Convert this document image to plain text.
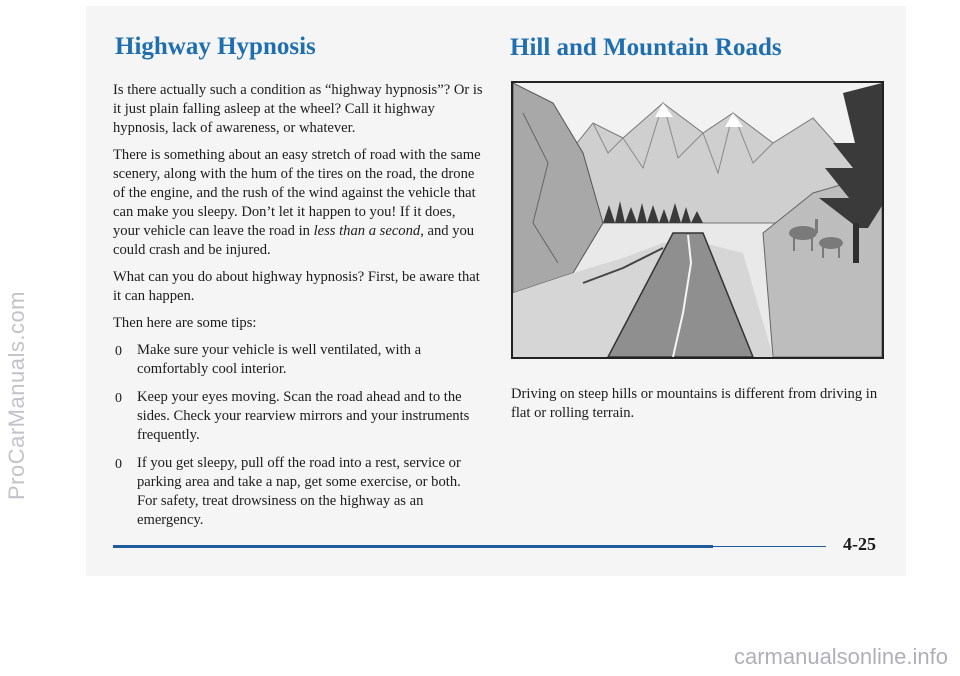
Highway Hypnosis	Hill and Mountain Roads

Is there actually such a condition as “highway hypnosis”? Or is it just plain falling asleep at the wheel? Call it highway hypnosis, lack of awareness, or whatever.

There is something about an easy stretch of road with the same scenery, along with the hum of the tires on the road, the drone of the engine, and the rush of the wind against the vehicle that can make you sleepy. Don’t let it happen to you! If it does, your vehicle can leave the road in less than a second, and you could crash and be injured.

What can you do about highway hypnosis? First, be aware that it can happen.

Then here are some tips:

0 Make sure your vehicle is well ventilated, with a comfortably cool interior.
0 Keep your eyes moving. Scan the road ahead and to the sides. Check your rearview mirrors and your instruments frequently.
0 If you get sleepy, pull off the road into a rest, service or parking area and take a nap, get some exercise, or both. For safety, treat drowsiness on the highway as an emergency.

Driving on steep hills or mountains is different from driving in flat or rolling terrain.

4-25
ProCarManuals.com
carmanualsonline.info
